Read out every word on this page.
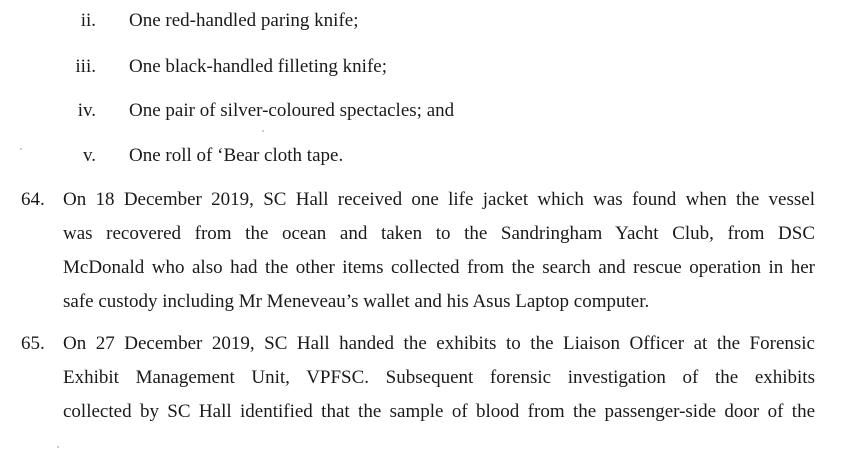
ii. One red-handled paring knife;
iii. One black-handled filleting knife;
iv. One pair of silver-coloured spectacles; and
v. One roll of ‘Bear cloth tape.
64. On 18 December 2019, SC Hall received one life jacket which was found when the vessel
was recovered from the ocean and taken to the Sandringham Yacht Club, from DSC
McDonald who also had the other items collected from the search and rescue operation in her
safe custody including Mr Meneveau’s wallet and his Asus Laptop computer.
65. On 27 December 2019, SC Hall handed the exhibits to the Liaison Officer at the Forensic
Exhibit Management Unit, VPFSC. Subsequent forensic investigation of the exhibits
collected by SC Hall identified that the sample of blood from the passenger-side door of the
